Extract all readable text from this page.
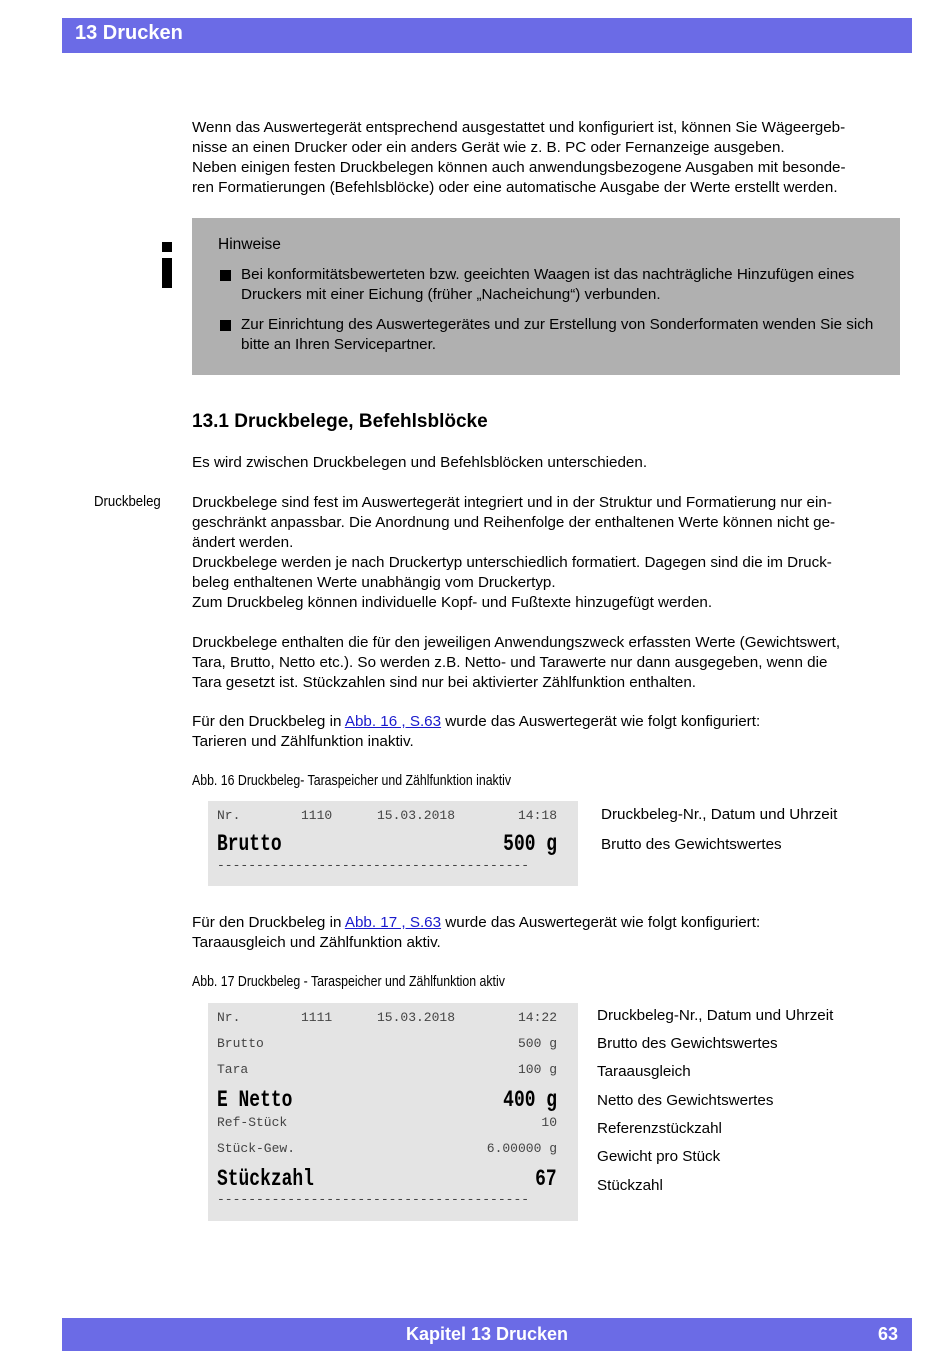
13 Drucken

Wenn das Auswertegerät entsprechend ausgestattet und konfiguriert ist, können Sie Wägeergeb-

nisse an einen Drucker oder ein anders Gerät wie z. B. PC oder Fernanzeige ausgeben.

Neben einigen festen Druckbelegen können auch anwendungsbezogene Ausgaben mit besonde-

ren Formatierungen (Befehlsblöcke) oder eine automatische Ausgabe der Werte erstellt werden.

Hinweise
Bei konformitätsbewerteten bzw. geeichten Waagen ist das nachträgliche Hinzufügen eines Druckers mit einer Eichung (früher „Nacheichung“) verbunden.
Zur Einrichtung des Auswertegerätes und zur Erstellung von Sonderformaten wenden Sie sich bitte an Ihren Servicepartner.
13.1 Druckbelege, Befehlsblöcke
Es wird zwischen Druckbelegen und Befehlsblöcken unterschieden.
Druckbeleg Druckbelege sind fest im Auswertegerät integriert und in der Struktur und Formatierung nur ein-

geschränkt anpassbar. Die Anordnung und Reihenfolge der enthaltenen Werte können nicht ge-

ändert werden.

Druckbelege werden je nach Druckertyp unterschiedlich formatiert. Dagegen sind die im Druck-

beleg enthaltenen Werte unabhängig vom Druckertyp.

Zum Druckbeleg können individuelle Kopf- und Fußtexte hinzugefügt werden.

Druckbelege enthalten die für den jeweiligen Anwendungszweck erfassten Werte (Gewichtswert,

Tara, Brutto, Netto etc.). So werden z.B. Netto- und Tarawerte nur dann ausgegeben, wenn die

Tara gesetzt ist. Stückzahlen sind nur bei aktivierter Zählfunktion enthalten.

Für den Druckbeleg in Abb. 16 , S.63 wurde das Auswertegerät wie folgt konfiguriert:

Tarieren und Zählfunktion inaktiv.

Abb. 16 Druckbeleg- Taraspeicher und Zählfunktion inaktiv
Nr.	1110	15.03.2018	14:18
Brutto	500 g
----------------------------------------
Druckbeleg-Nr., Datum und Uhrzeit
Brutto des Gewichtswertes

Für den Druckbeleg in Abb. 17 , S.63 wurde das Auswertegerät wie folgt konfiguriert:

Taraausgleich und Zählfunktion aktiv.

Abb. 17 Druckbeleg - Taraspeicher und Zählfunktion aktiv
Nr.	1111	15.03.2018	14:22
Brutto	500 g
Tara	100 g
E Netto	400 g
Ref-Stück	10
Stück-Gew.	6.00000 g
Stückzahl	67
----------------------------------------
Druckbeleg-Nr., Datum und Uhrzeit
Brutto des Gewichtswertes
Taraausgleich
Netto des Gewichtswertes
Referenzstückzahl
Gewicht pro Stück
Stückzahl
Kapitel 13 Drucken	63
